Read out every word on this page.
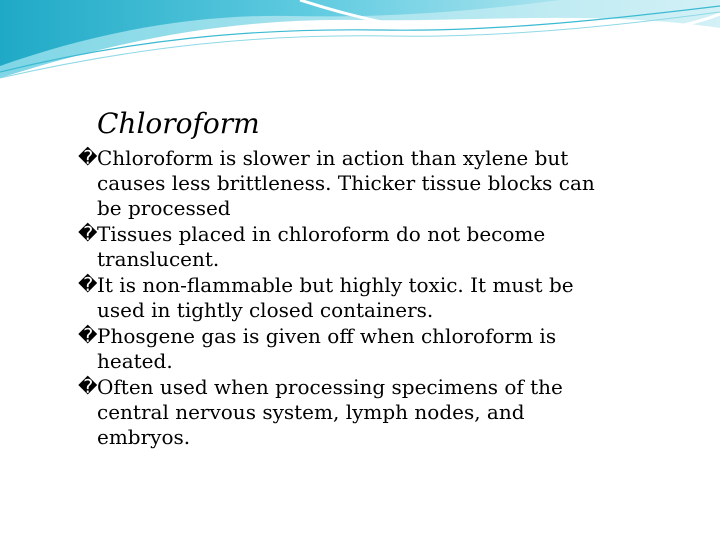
Chloroform
� Chloroform is slower in action than xylene but
causes less brittleness. Thicker tissue blocks can
be processed
� Tissues placed in chloroform do not become
translucent.
� It is non-flammable but highly toxic. It must be
used in tightly closed containers.
� Phosgene gas is given off when chloroform is
heated.
� Often used when processing specimens of the
central nervous system, lymph nodes, and
embryos.
